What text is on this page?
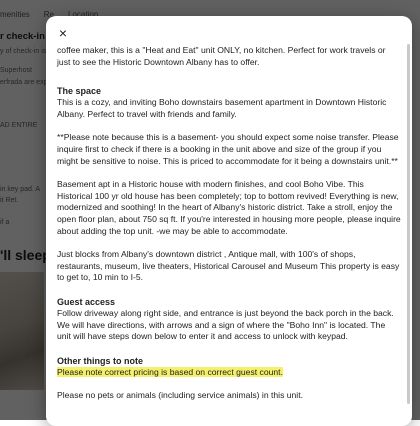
×

coffee maker, this is a "Heat and Eat" unit ONLY, no kitchen. Perfect for work travels or just to see the Historic Downtown Albany has to offer.

The space

This is a cozy, and inviting Boho downstairs basement apartment in Downtown Historic Albany. Perfect to travel with friends and family.

**Please note because this is a basement- you should expect some noise transfer. Please inquire first to check if there is a booking in the unit above and size of the group if you might be sensitive to noise. This is priced to accommodate for it being a downstairs unit.**

Basement apt in a Historic house with modern finishes, and cool Boho Vibe. This Historical 100 yr old house has been completely; top to bottom revived! Everything is new, modernized and soothing! In the heart of Albany's historic district. Take a stroll, enjoy the open floor plan, about 750 sq ft. If you're interested in housing more people, please inquire about adding the top unit. -we may be able to accommodate.

Just blocks from Albany's downtown district , Antique mall, with 100's of shops, restaurants, museum, live theaters, Historical Carousel and Museum This property is easy to get to, 10 min to I-5.

Guest access

Follow driveway along right side, and entrance is just beyond the back porch in the back. We will have directions, with arrows and a sign of where the "Boho Inn" is located. The unit will have steps down below to enter it and access to unlock with keypad.

Other things to note

Please note correct pricing is based on correct guest count.

Please no pets or animals (including service animals) in this unit.
